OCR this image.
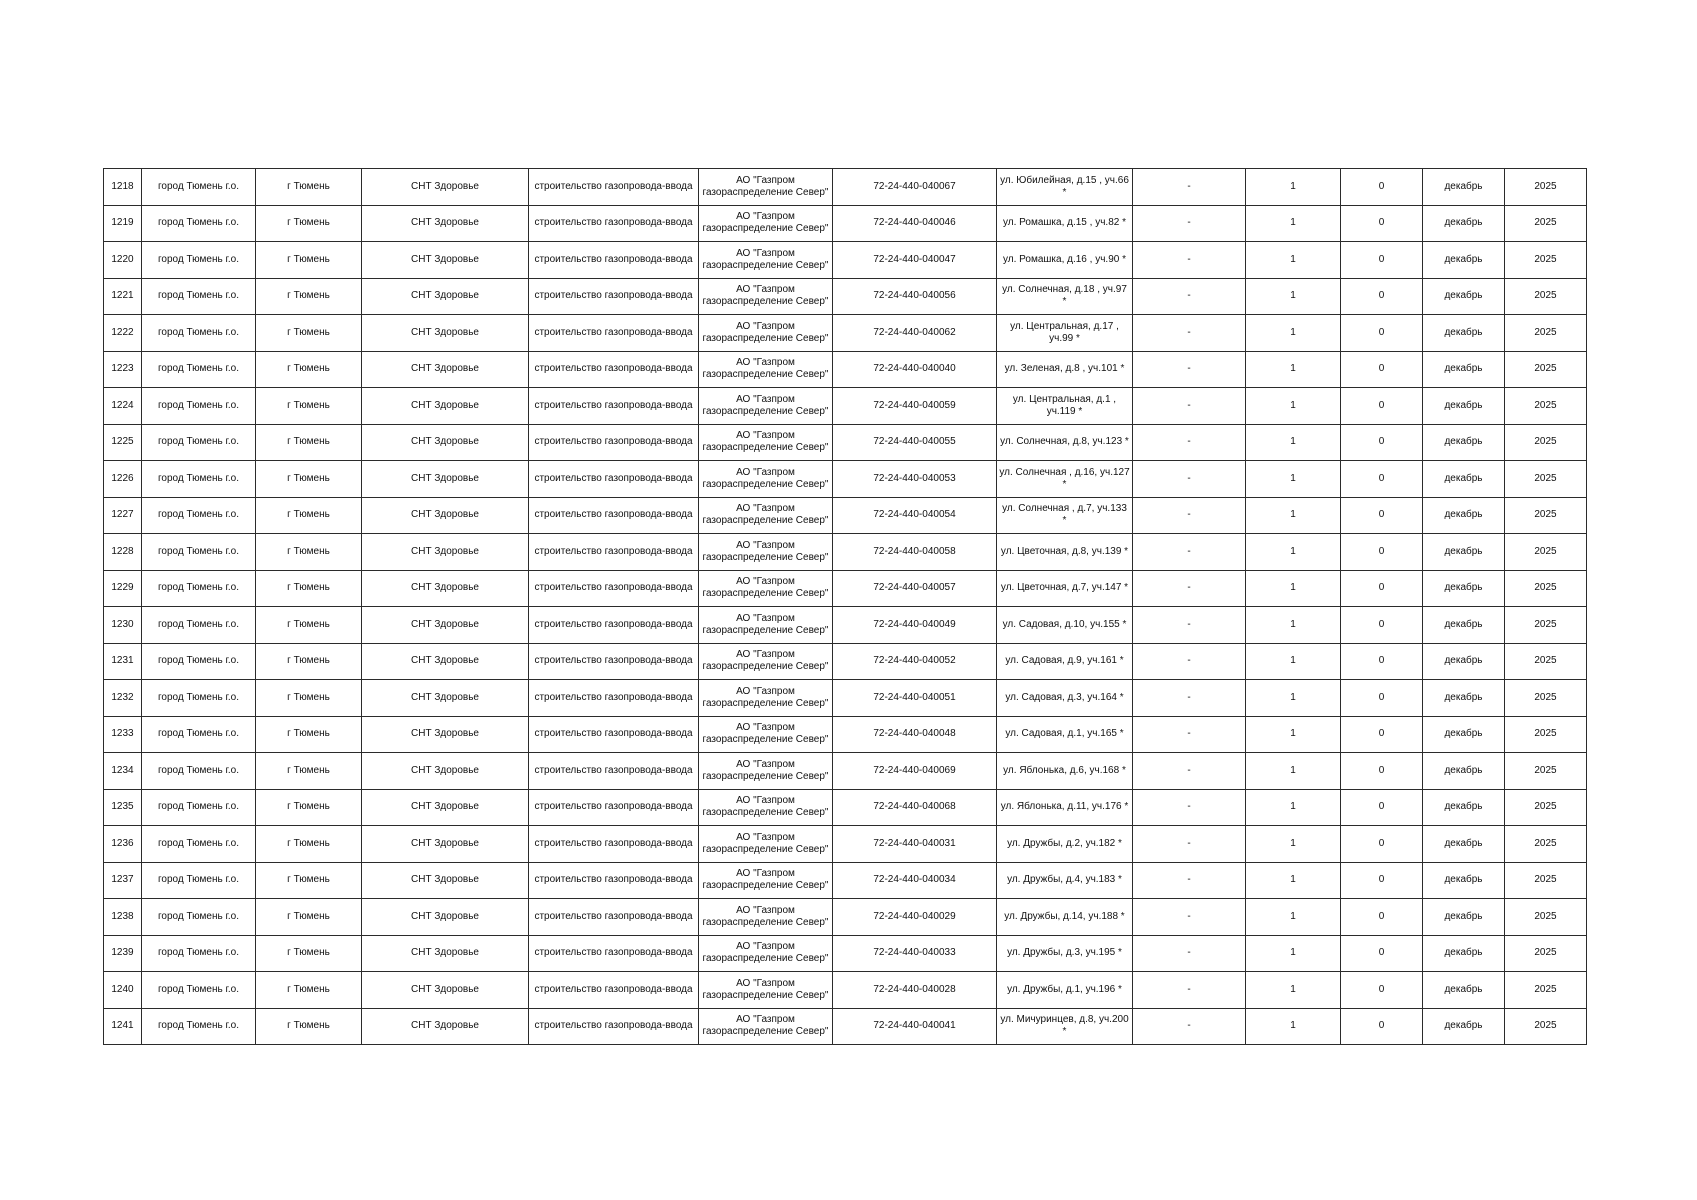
1218	город Тюмень г.о.	г Тюмень	СНТ Здоровье	строительство газопровода-ввода	АО "Газпром газораспределение Север"	72-24-440-040067	ул. Юбилейная, д.15 , уч.66 *	-	1	0	декабрь	2025
1219	город Тюмень г.о.	г Тюмень	СНТ Здоровье	строительство газопровода-ввода	АО "Газпром газораспределение Север"	72-24-440-040046	ул. Ромашка, д.15 , уч.82 *	-	1	0	декабрь	2025
1220	город Тюмень г.о.	г Тюмень	СНТ Здоровье	строительство газопровода-ввода	АО "Газпром газораспределение Север"	72-24-440-040047	ул. Ромашка, д.16 , уч.90 *	-	1	0	декабрь	2025
1221	город Тюмень г.о.	г Тюмень	СНТ Здоровье	строительство газопровода-ввода	АО "Газпром газораспределение Север"	72-24-440-040056	ул. Солнечная, д.18 , уч.97 *	-	1	0	декабрь	2025
1222	город Тюмень г.о.	г Тюмень	СНТ Здоровье	строительство газопровода-ввода	АО "Газпром газораспределение Север"	72-24-440-040062	ул. Центральная, д.17 , уч.99 *	-	1	0	декабрь	2025
1223	город Тюмень г.о.	г Тюмень	СНТ Здоровье	строительство газопровода-ввода	АО "Газпром газораспределение Север"	72-24-440-040040	ул. Зеленая, д.8 , уч.101 *	-	1	0	декабрь	2025
1224	город Тюмень г.о.	г Тюмень	СНТ Здоровье	строительство газопровода-ввода	АО "Газпром газораспределение Север"	72-24-440-040059	ул. Центральная, д.1 , уч.119 *	-	1	0	декабрь	2025
1225	город Тюмень г.о.	г Тюмень	СНТ Здоровье	строительство газопровода-ввода	АО "Газпром газораспределение Север"	72-24-440-040055	ул. Солнечная, д.8, уч.123 *	-	1	0	декабрь	2025
1226	город Тюмень г.о.	г Тюмень	СНТ Здоровье	строительство газопровода-ввода	АО "Газпром газораспределение Север"	72-24-440-040053	ул. Солнечная , д.16, уч.127 *	-	1	0	декабрь	2025
1227	город Тюмень г.о.	г Тюмень	СНТ Здоровье	строительство газопровода-ввода	АО "Газпром газораспределение Север"	72-24-440-040054	ул. Солнечная , д.7, уч.133 *	-	1	0	декабрь	2025
1228	город Тюмень г.о.	г Тюмень	СНТ Здоровье	строительство газопровода-ввода	АО "Газпром газораспределение Север"	72-24-440-040058	ул. Цветочная, д.8, уч.139 *	-	1	0	декабрь	2025
1229	город Тюмень г.о.	г Тюмень	СНТ Здоровье	строительство газопровода-ввода	АО "Газпром газораспределение Север"	72-24-440-040057	ул. Цветочная, д.7, уч.147 *	-	1	0	декабрь	2025
1230	город Тюмень г.о.	г Тюмень	СНТ Здоровье	строительство газопровода-ввода	АО "Газпром газораспределение Север"	72-24-440-040049	ул. Садовая, д.10, уч.155 *	-	1	0	декабрь	2025
1231	город Тюмень г.о.	г Тюмень	СНТ Здоровье	строительство газопровода-ввода	АО "Газпром газораспределение Север"	72-24-440-040052	ул. Садовая, д.9, уч.161 *	-	1	0	декабрь	2025
1232	город Тюмень г.о.	г Тюмень	СНТ Здоровье	строительство газопровода-ввода	АО "Газпром газораспределение Север"	72-24-440-040051	ул. Садовая, д.3, уч.164 *	-	1	0	декабрь	2025
1233	город Тюмень г.о.	г Тюмень	СНТ Здоровье	строительство газопровода-ввода	АО "Газпром газораспределение Север"	72-24-440-040048	ул. Садовая, д.1, уч.165 *	-	1	0	декабрь	2025
1234	город Тюмень г.о.	г Тюмень	СНТ Здоровье	строительство газопровода-ввода	АО "Газпром газораспределение Север"	72-24-440-040069	ул. Яблонька, д.6, уч.168 *	-	1	0	декабрь	2025
1235	город Тюмень г.о.	г Тюмень	СНТ Здоровье	строительство газопровода-ввода	АО "Газпром газораспределение Север"	72-24-440-040068	ул. Яблонька, д.11, уч.176 *	-	1	0	декабрь	2025
1236	город Тюмень г.о.	г Тюмень	СНТ Здоровье	строительство газопровода-ввода	АО "Газпром газораспределение Север"	72-24-440-040031	ул. Дружбы, д.2, уч.182 *	-	1	0	декабрь	2025
1237	город Тюмень г.о.	г Тюмень	СНТ Здоровье	строительство газопровода-ввода	АО "Газпром газораспределение Север"	72-24-440-040034	ул. Дружбы, д.4, уч.183 *	-	1	0	декабрь	2025
1238	город Тюмень г.о.	г Тюмень	СНТ Здоровье	строительство газопровода-ввода	АО "Газпром газораспределение Север"	72-24-440-040029	ул. Дружбы, д.14, уч.188 *	-	1	0	декабрь	2025
1239	город Тюмень г.о.	г Тюмень	СНТ Здоровье	строительство газопровода-ввода	АО "Газпром газораспределение Север"	72-24-440-040033	ул. Дружбы, д.3, уч.195 *	-	1	0	декабрь	2025
1240	город Тюмень г.о.	г Тюмень	СНТ Здоровье	строительство газопровода-ввода	АО "Газпром газораспределение Север"	72-24-440-040028	ул. Дружбы, д.1, уч.196 *	-	1	0	декабрь	2025
1241	город Тюмень г.о.	г Тюмень	СНТ Здоровье	строительство газопровода-ввода	АО "Газпром газораспределение Север"	72-24-440-040041	ул. Мичуринцев, д.8, уч.200 *	-	1	0	декабрь	2025
